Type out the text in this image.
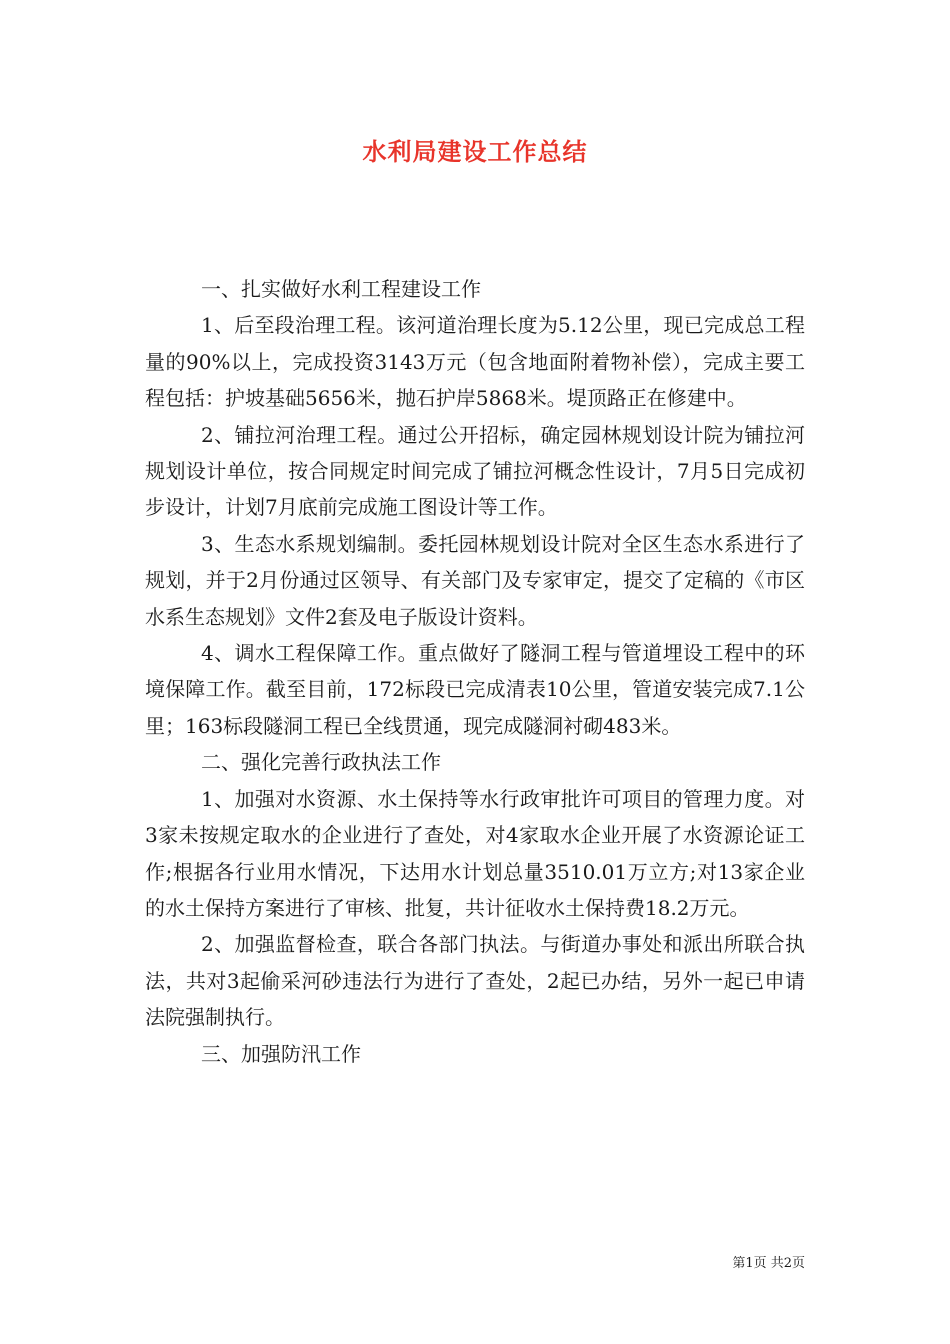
水利局建设工作总结

一、扎实做好水利工程建设工作

1、后至段治理工程。该河道治理长度为5.12公里，现已完成总工程量的90%以上，完成投资3143万元（包含地面附着物补偿），完成主要工程包括：护坡基础5656米，抛石护岸5868米。堤顶路正在修建中。

2、铺拉河治理工程。通过公开招标，确定园林规划设计院为铺拉河规划设计单位，按合同规定时间完成了铺拉河概念性设计，7月5日完成初步设计，计划7月底前完成施工图设计等工作。

3、生态水系规划编制。委托园林规划设计院对全区生态水系进行了规划，并于2月份通过区领导、有关部门及专家审定，提交了定稿的《市区水系生态规划》文件2套及电子版设计资料。

4、调水工程保障工作。重点做好了隧洞工程与管道埋设工程中的环境保障工作。截至目前，172标段已完成清表10公里，管道安装完成7.1公里；163标段隧洞工程已全线贯通，现完成隧洞衬砌483米。

二、强化完善行政执法工作

1、加强对水资源、水土保持等水行政审批许可项目的管理力度。对3家未按规定取水的企业进行了查处，对4家取水企业开展了水资源论证工作;根据各行业用水情况，下达用水计划总量3510.01万立方;对13家企业的水土保持方案进行了审核、批复，共计征收水土保持费18.2万元。

2、加强监督检查，联合各部门执法。与街道办事处和派出所联合执法，共对3起偷采河砂违法行为进行了查处，2起已办结，另外一起已申请法院强制执行。

三、加强防汛工作

第1页 共2页
